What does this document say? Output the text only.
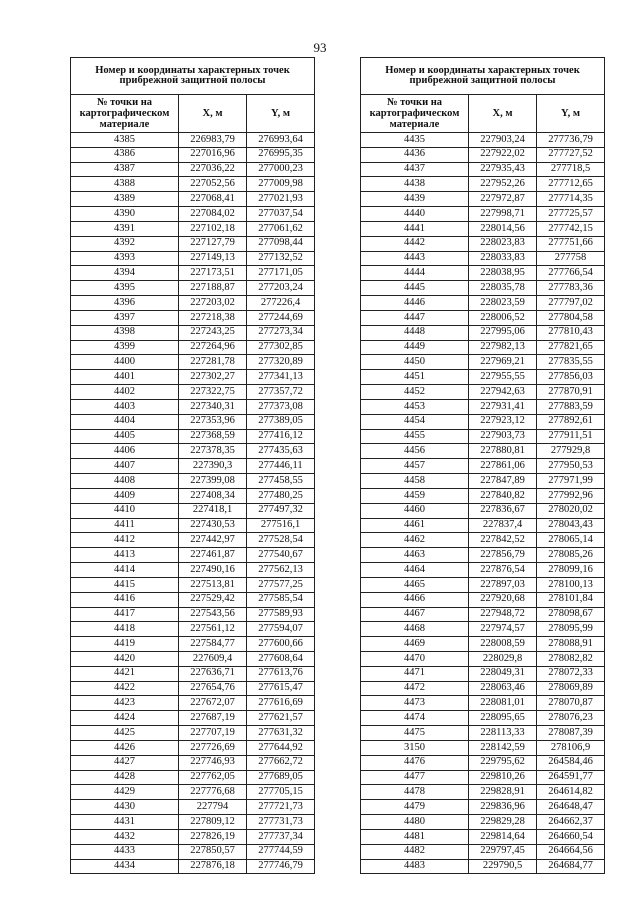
93
Номер и координаты характерных точек прибрежной защитной полосы		
№ точки на картографическом материале	X, м	Y, м
4385	226983,79	276993,64
4386	227016,96	276995,35
4387	227036,22	277000,23
4388	227052,56	277009,98
4389	227068,41	277021,93
4390	227084,02	277037,54
4391	227102,18	277061,62
4392	227127,79	277098,44
4393	227149,13	277132,52
4394	227173,51	277171,05
4395	227188,87	277203,24
4396	227203,02	277226,4
4397	227218,38	277244,69
4398	227243,25	277273,34
4399	227264,96	277302,85
4400	227281,78	277320,89
4401	227302,27	277341,13
4402	227322,75	277357,72
4403	227340,31	277373,08
4404	227353,96	277389,05
4405	227368,59	277416,12
4406	227378,35	277435,63
4407	227390,3	277446,11
4408	227399,08	277458,55
4409	227408,34	277480,25
4410	227418,1	277497,32
4411	227430,53	277516,1
4412	227442,97	277528,54
4413	227461,87	277540,67
4414	227490,16	277562,13
4415	227513,81	277577,25
4416	227529,42	277585,54
4417	227543,56	277589,93
4418	227561,12	277594,07
4419	227584,77	277600,66
4420	227609,4	277608,64
4421	227636,71	277613,76
4422	227654,76	277615,47
4423	227672,07	277616,69
4424	227687,19	277621,57
4425	227707,19	277631,32
4426	227726,69	277644,92
4427	227746,93	277662,72
4428	227762,05	277689,05
4429	227776,68	277705,15
4430	227794	277721,73
4431	227809,12	277731,73
4432	227826,19	277737,34
4433	227850,57	277744,59
4434	227876,18	277746,79
Номер и координаты характерных точек прибрежной защитной полосы		
№ точки на картографическом материале	X, м	Y, м
4435	227903,24	277736,79
4436	227922,02	277727,52
4437	227935,43	277718,5
4438	227952,26	277712,65
4439	227972,87	277714,35
4440	227998,71	277725,57
4441	228014,56	277742,15
4442	228023,83	277751,66
4443	228033,83	277758
4444	228038,95	277766,54
4445	228035,78	277783,36
4446	228023,59	277797,02
4447	228006,52	277804,58
4448	227995,06	277810,43
4449	227982,13	277821,65
4450	227969,21	277835,55
4451	227955,55	277856,03
4452	227942,63	277870,91
4453	227931,41	277883,59
4454	227923,12	277892,61
4455	227903,73	277911,51
4456	227880,81	277929,8
4457	227861,06	277950,53
4458	227847,89	277971,99
4459	227840,82	277992,96
4460	227836,67	278020,02
4461	227837,4	278043,43
4462	227842,52	278065,14
4463	227856,79	278085,26
4464	227876,54	278099,16
4465	227897,03	278100,13
4466	227920,68	278101,84
4467	227948,72	278098,67
4468	227974,57	278095,99
4469	228008,59	278088,91
4470	228029,8	278082,82
4471	228049,31	278072,33
4472	228063,46	278069,89
4473	228081,01	278070,87
4474	228095,65	278076,23
4475	228113,33	278087,39
3150	228142,59	278106,9
4476	229795,62	264584,46
4477	229810,26	264591,77
4478	229828,91	264614,82
4479	229836,96	264648,47
4480	229829,28	264662,37
4481	229814,64	264660,54
4482	229797,45	264664,56
4483	229790,5	264684,77
